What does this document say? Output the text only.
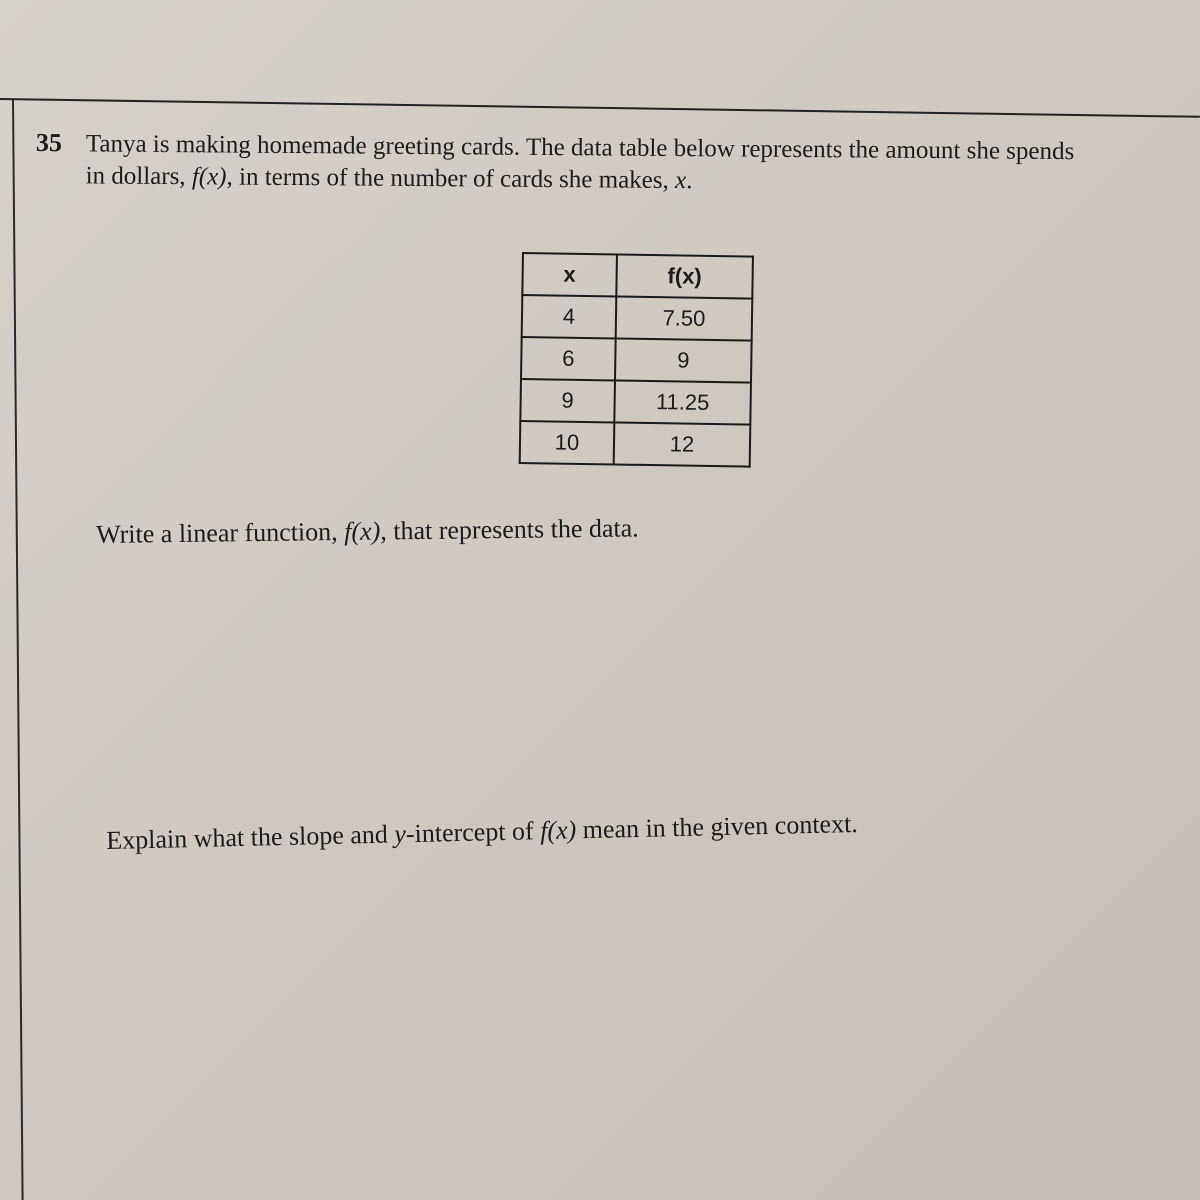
35 Tanya is making homemade greeting cards. The data table below represents the amount she spends
in dollars, f(x), in terms of the number of cards she makes, x.
x	f(x)
4	7.50
6	9
9	11.25
10	12
Write a linear function, f(x), that represents the data.
Explain what the slope and y-intercept of f(x) mean in the given context.
